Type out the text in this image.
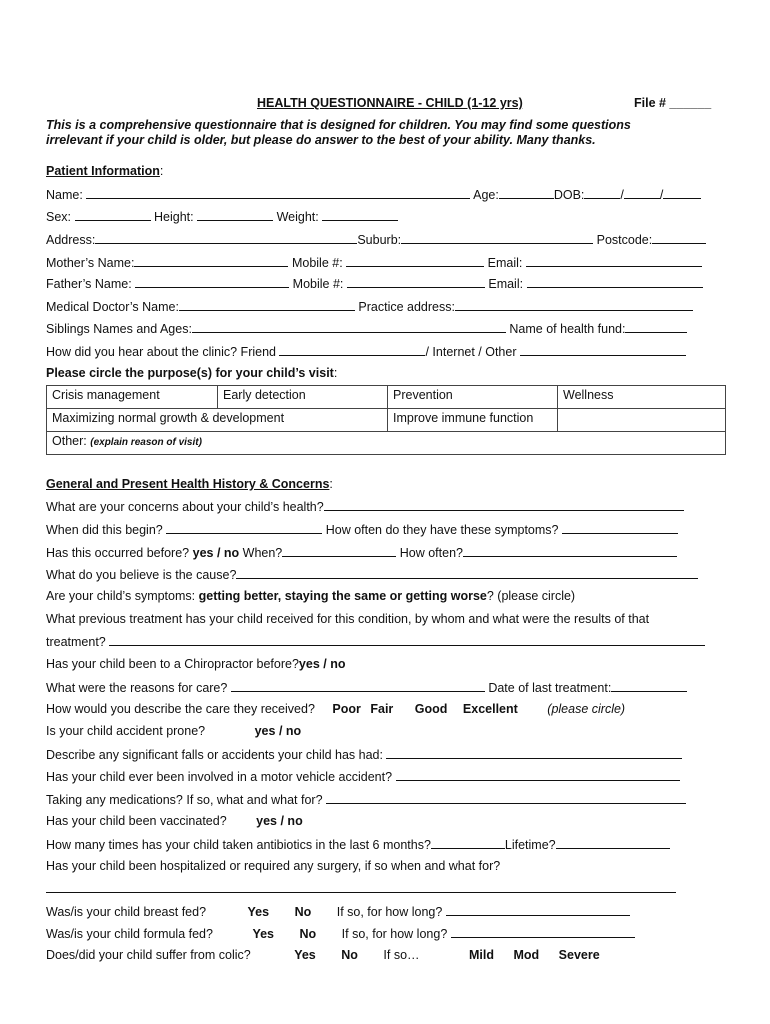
HEALTH QUESTIONNAIRE - CHILD (1-12 yrs)	File # ______
This is a comprehensive questionnaire that is designed for children. You may find some questions
irrelevant if your child is older, but please do answer to the best of your ability. Many thanks.
Patient Information:
Name:	Age:	DOB:	/	/
Sex:	Height:	Weight:
Address:	Suburb:	Postcode:
Mother’s Name:	Mobile #:	Email:
Father’s Name:	Mobile #:	Email:
Medical Doctor’s Name:	Practice address:
Siblings Names and Ages:	Name of health fund:
How did you hear about the clinic? Friend	/ Internet / Other
Please circle the purpose(s) for your child’s visit:
Crisis management	Early detection	Prevention	Wellness
Maximizing normal growth & development		Improve immune function	
Other: (explain reason of visit)			
General and Present Health History & Concerns:
What are your concerns about your child’s health?
When did this begin?	How often do they have these symptoms?
Has this occurred before? yes / no When?	How often?
What do you believe is the cause?
Are your child’s symptoms: getting better, staying the same or getting worse? (please circle)
What previous treatment has your child received for this condition, by whom and what were the results of that
treatment?
Has your child been to a Chiropractor before?yes / no
What were the reasons for care?	Date of last treatment:
How would you describe the care they received? Poor Fair Good Excellent (please circle)
Is your child accident prone?	yes / no
Describe any significant falls or accidents your child has had:
Has your child ever been involved in a motor vehicle accident?
Taking any medications? If so, what and what for?
Has your child been vaccinated? yes / no
How many times has your child taken antibiotics in the last 6 months?	Lifetime?
Has your child been hospitalized or required any surgery, if so when and what for?
Was/is your child breast fed?	Yes No If so, for how long?
Was/is your child formula fed?	Yes No If so, for how long?
Does/did your child suffer from colic?	Yes No If so…	Mild Mod Severe
